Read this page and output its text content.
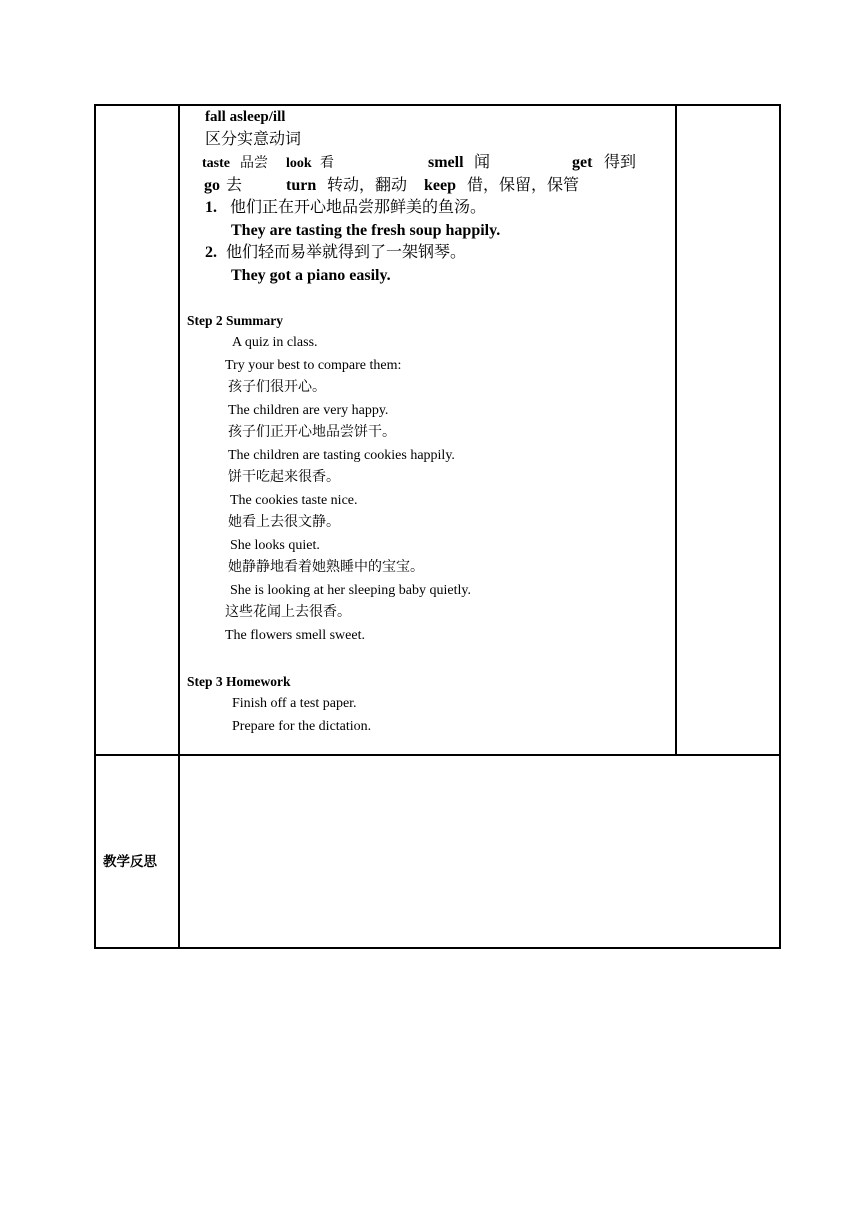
fall asleep/ill
区分实意动词
taste 品尝 look 看	smell 闻	get 得到
go 去	turn 转动，翻动 keep 借，保留，保管
1. 他们正在开心地品尝那鲜美的鱼汤。
They are tasting the fresh soup happily.
2. 他们轻而易举就得到了一架钢琴。
They got a piano easily.
Step 2 Summary
A quiz in class.
Try your best to compare them:
孩子们很开心。
The children are very happy.
孩子们正开心地品尝饼干。
The children are tasting cookies happily.
饼干吃起来很香。
The cookies taste nice.
她看上去很文静。
She looks quiet.
她静静地看着她熟睡中的宝宝。
She is looking at her sleeping baby quietly.
这些花闻上去很香。
The flowers smell sweet.
Step 3 Homework
Finish off a test paper.
Prepare for the dictation.
教学反思
